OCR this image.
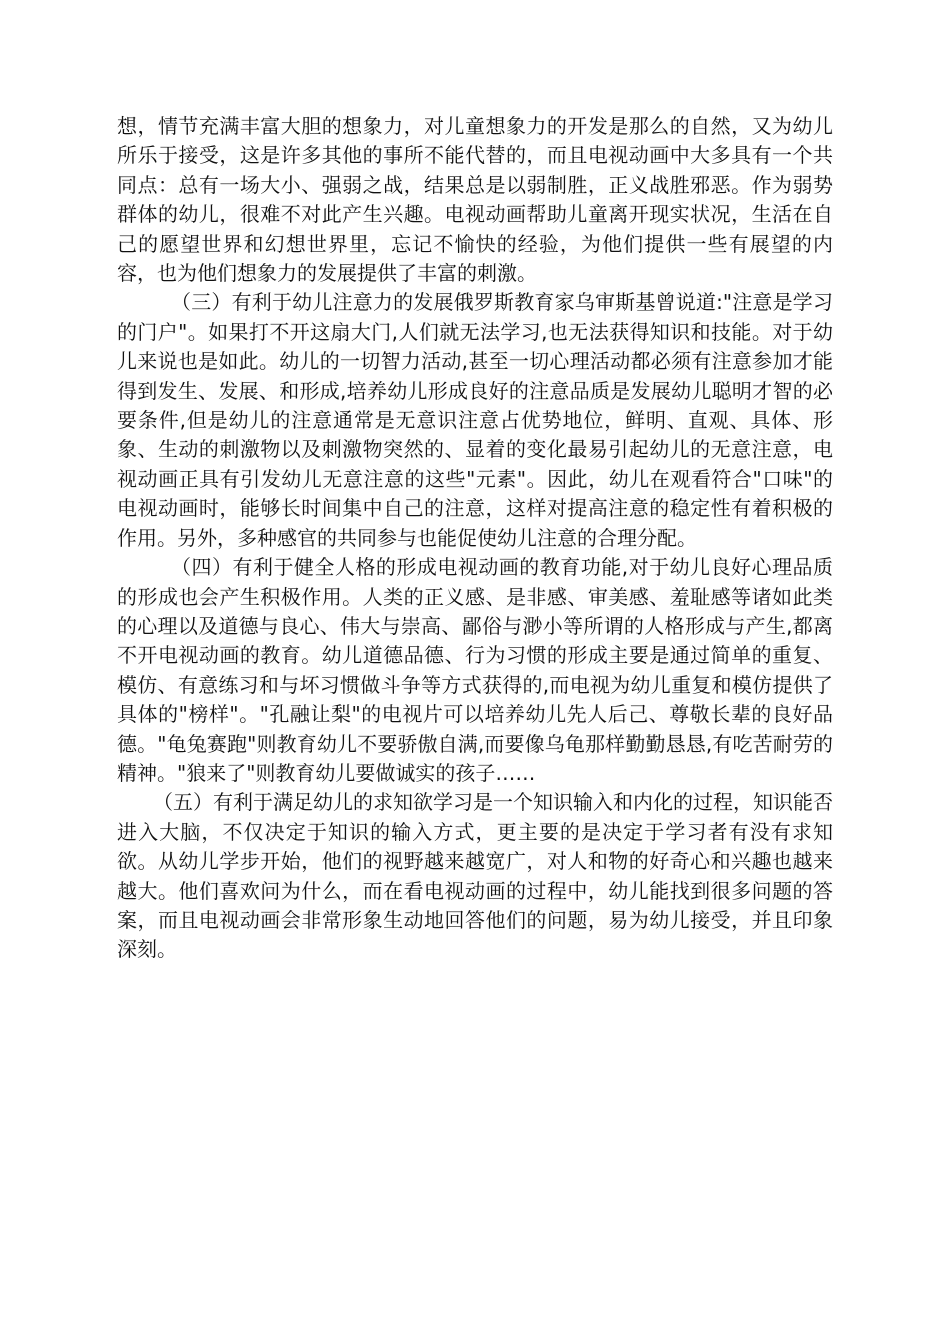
想，情节充满丰富大胆的想象力，对儿童想象力的开发是那么的自然，又为幼儿所乐于接受，这是许多其他的事所不能代替的，而且电视动画中大多具有一个共同点：总有一场大小、强弱之战，结果总是以弱制胜，正义战胜邪恶。作为弱势群体的幼儿，很难不对此产生兴趣。电视动画帮助儿童离开现实状况，生活在自己的愿望世界和幻想世界里，忘记不愉快的经验，为他们提供一些有展望的内容，也为他们想象力的发展提供了丰富的刺激。

（三）有利于幼儿注意力的发展俄罗斯教育家乌审斯基曾说道:"注意是学习的门户"。如果打不开这扇大门,人们就无法学习,也无法获得知识和技能。对于幼儿来说也是如此。幼儿的一切智力活动,甚至一切心理活动都必须有注意参加才能得到发生、发展、和形成,培养幼儿形成良好的注意品质是发展幼儿聪明才智的必要条件,但是幼儿的注意通常是无意识注意占优势地位，鲜明、直观、具体、形象、生动的刺激物以及刺激物突然的、显着的变化最易引起幼儿的无意注意，电视动画正具有引发幼儿无意注意的这些"元素"。因此，幼儿在观看符合"口味"的电视动画时，能够长时间集中自己的注意，这样对提高注意的稳定性有着积极的作用。另外，多种感官的共同参与也能促使幼儿注意的合理分配。

（四）有利于健全人格的形成电视动画的教育功能,对于幼儿良好心理品质的形成也会产生积极作用。人类的正义感、是非感、审美感、羞耻感等诸如此类的心理以及道德与良心、伟大与崇高、鄙俗与渺小等所谓的人格形成与产生,都离不开电视动画的教育。幼儿道德品德、行为习惯的形成主要是通过简单的重复、模仿、有意练习和与坏习惯做斗争等方式获得的,而电视为幼儿重复和模仿提供了具体的"榜样"。"孔融让梨"的电视片可以培养幼儿先人后己、尊敬长辈的良好品德。"龟兔赛跑"则教育幼儿不要骄傲自满,而要像乌龟那样勤勤恳恳,有吃苦耐劳的精神。"狼来了"则教育幼儿要做诚实的孩子……

（五）有利于满足幼儿的求知欲学习是一个知识输入和内化的过程，知识能否进入大脑，不仅决定于知识的输入方式，更主要的是决定于学习者有没有求知欲。从幼儿学步开始，他们的视野越来越宽广，对人和物的好奇心和兴趣也越来越大。他们喜欢问为什么，而在看电视动画的过程中，幼儿能找到很多问题的答案，而且电视动画会非常形象生动地回答他们的问题，易为幼儿接受，并且印象深刻。
